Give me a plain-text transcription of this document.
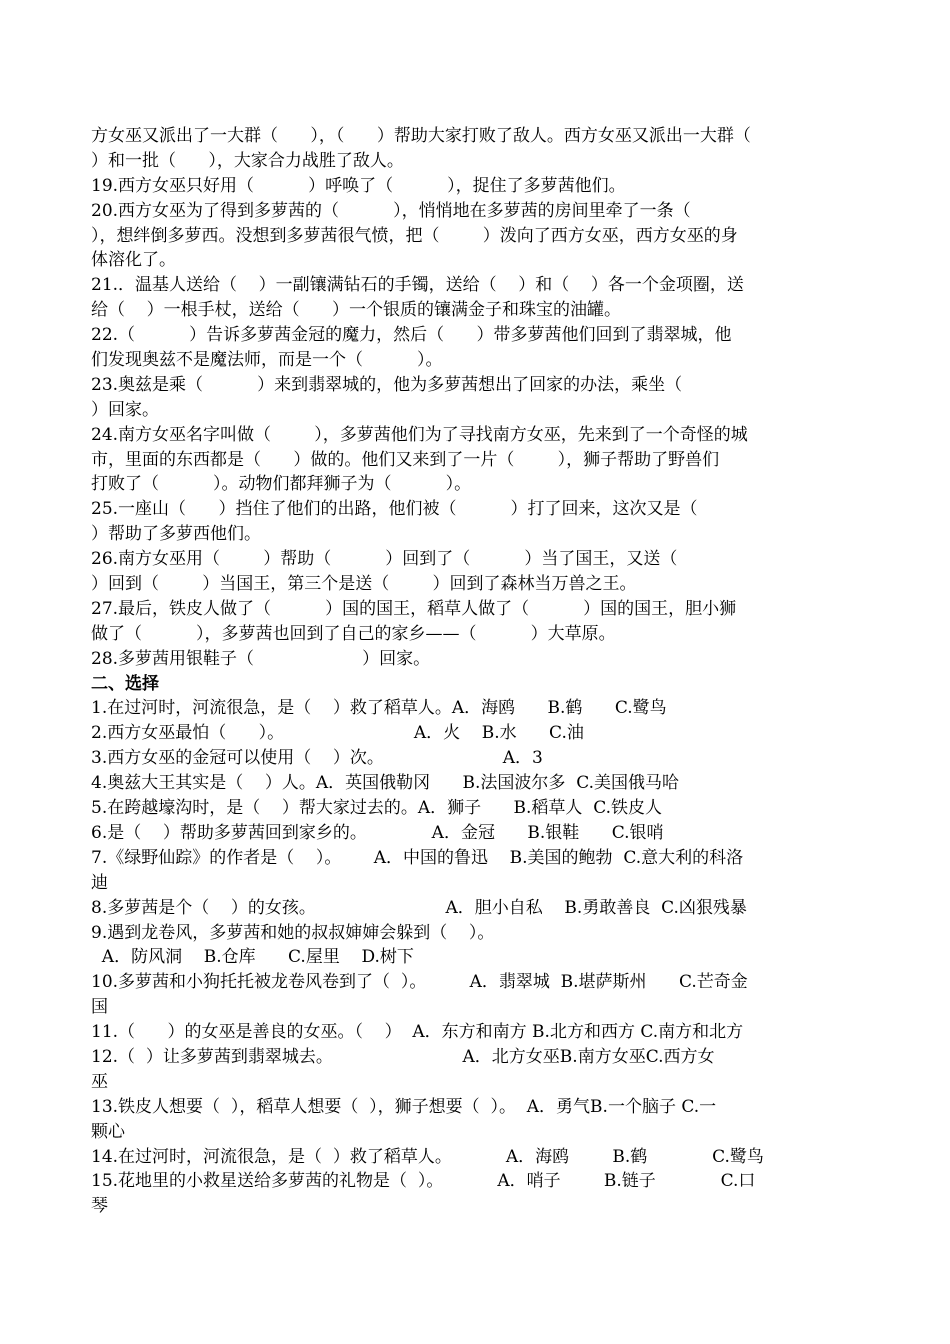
方女巫又派出了一大群（      ），（      ）帮助大家打败了敌人。西方女巫又派出一大群（
）和一批（      ），大家合力战胜了敌人。
19.西方女巫只好用（          ）呼唤了（          ），捉住了多萝茜他们。
20.西方女巫为了得到多萝茜的（          ），悄悄地在多萝茜的房间里牵了一条（
），想绊倒多萝西。没想到多萝茜很气愤，把（        ）泼向了西方女巫，西方女巫的身
体溶化了。
21.．温基人送给（    ）一副镶满钻石的手镯，送给（    ）和（    ）各一个金项圈，送
给（    ）一根手杖，送给（      ）一个银质的镶满金子和珠宝的油罐。
22.（          ）告诉多萝茜金冠的魔力，然后（      ）带多萝茜他们回到了翡翠城，他
们发现奥兹不是魔法师，而是一个（          ）。
23.奥兹是乘（          ）来到翡翠城的，他为多萝茜想出了回家的办法，乘坐（
）回家。
24.南方女巫名字叫做（        ），多萝茜他们为了寻找南方女巫，先来到了一个奇怪的城
市，里面的东西都是（      ）做的。他们又来到了一片（        ），狮子帮助了野兽们
打败了（          ）。动物们都拜狮子为（          ）。
25.一座山（      ）挡住了他们的出路，他们被（          ）打了回来，这次又是（
）帮助了多萝西他们。
26.南方女巫用（        ）帮助（          ）回到了（          ）当了国王，又送（
）回到（        ）当国王，第三个是送（        ）回到了森林当万兽之王。
27.最后，铁皮人做了（          ）国的国王，稻草人做了（          ）国的国王，胆小狮
做了（          ），多萝茜也回到了自己的家乡——（          ）大草原。
28.多萝茜用银鞋子（                    ）回家。
二、选择
1.在过河时，河流很急，是（    ）救了稻草人。A．海鸥      B.鹤      C.鹭鸟
2.西方女巫最怕（      ）。                        A．火    B.水      C.油
3.西方女巫的金冠可以使用（    ）次。                      A．3
4.奥兹大王其实是（    ）人。A．英国俄勒冈      B.法国波尔多  C.美国俄马哈
5.在跨越壕沟时，是（    ）帮大家过去的。A．狮子      B.稻草人  C.铁皮人
6.是（    ）帮助多萝茜回到家乡的。            A．金冠      B.银鞋      C.银哨
7.《绿野仙踪》的作者是（    ）。      A．中国的鲁迅    B.美国的鲍勃  C.意大利的科洛
迪
8.多萝茜是个（    ）的女孩。                        A．胆小自私    B.勇敢善良  C.凶狠残暴
9.遇到龙卷风，多萝茜和她的叔叔婶婶会躲到（    ）。
A．防风洞    B.仓库      C.屋里    D.树下
10.多萝茜和小狗托托被龙卷风卷到了（  ）。        A．翡翠城  B.堪萨斯州      C.芒奇金
国
11.（      ）的女巫是善良的女巫。（    ）  A．东方和南方 B.北方和西方 C.南方和北方
12.（  ）让多萝茜到翡翠城去。                        A．北方女巫B.南方女巫C.西方女
巫
13.铁皮人想要（  ），稻草人想要（  ），狮子想要（  ）。  A．勇气B.一个脑子 C.一
颗心
14.在过河时，河流很急，是（  ）救了稻草人。          A．海鸥        B.鹤            C.鹭鸟
15.花地里的小救星送给多萝茜的礼物是（  ）。          A．哨子        B.链子            C.口
琴
